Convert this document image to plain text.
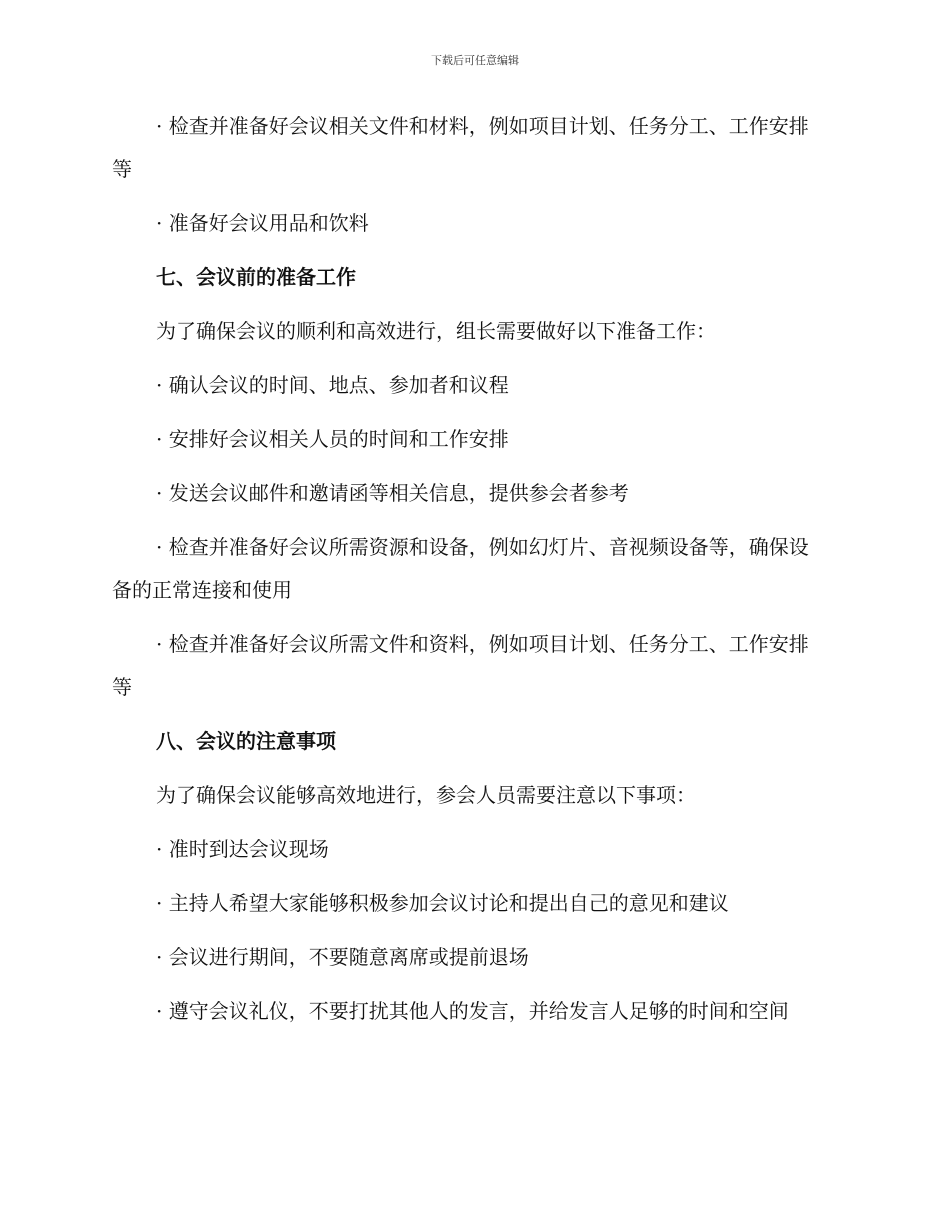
下载后可任意编辑

· 检查并准备好会议相关文件和材料，例如项目计划、任务分工、工作安排等

· 准备好会议用品和饮料

七、会议前的准备工作

为了确保会议的顺利和高效进行，组长需要做好以下准备工作：

· 确认会议的时间、地点、参加者和议程

· 安排好会议相关人员的时间和工作安排

· 发送会议邮件和邀请函等相关信息，提供参会者参考

· 检查并准备好会议所需资源和设备，例如幻灯片、音视频设备等，确保设备的正常连接和使用

· 检查并准备好会议所需文件和资料，例如项目计划、任务分工、工作安排等

八、会议的注意事项

为了确保会议能够高效地进行，参会人员需要注意以下事项：

· 准时到达会议现场

· 主持人希望大家能够积极参加会议讨论和提出自己的意见和建议

· 会议进行期间，不要随意离席或提前退场

· 遵守会议礼仪，不要打扰其他人的发言，并给发言人足够的时间和空间
